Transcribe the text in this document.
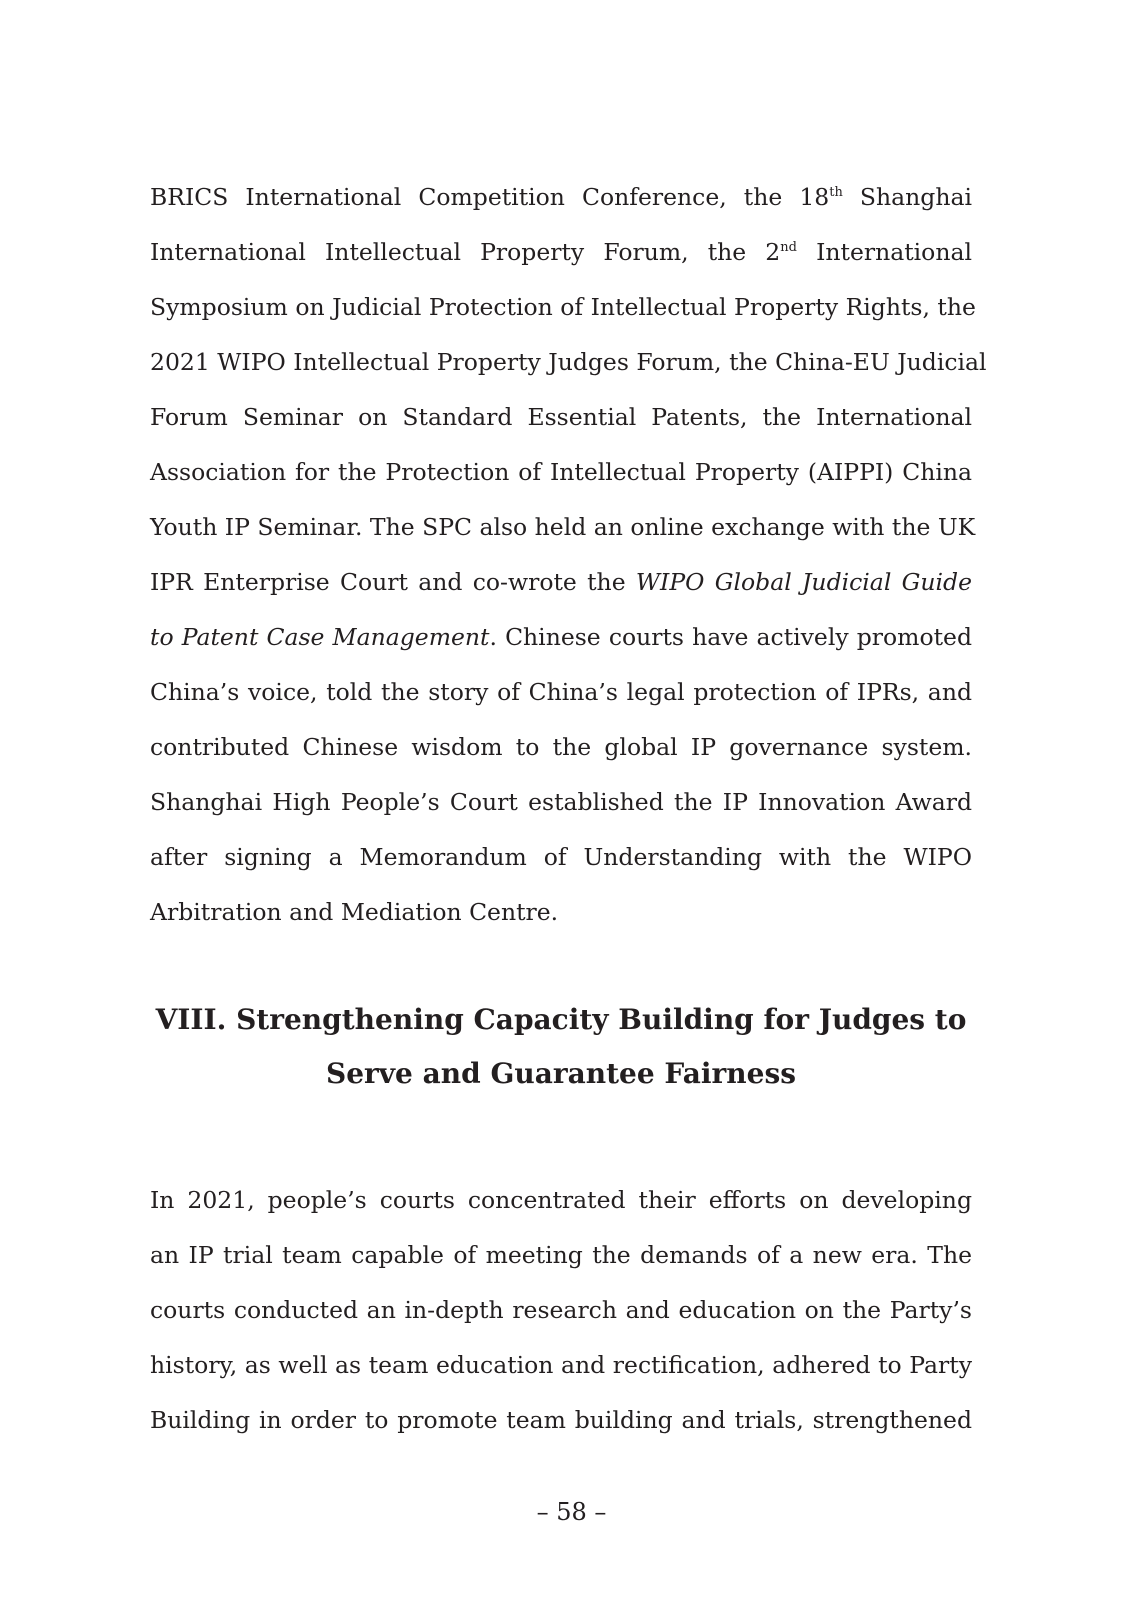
BRICS International Competition Conference, the 18th Shanghai
International Intellectual Property Forum, the 2nd International
Symposium on Judicial Protection of Intellectual Property Rights, the
2021 WIPO Intellectual Property Judges Forum, the China-EU Judicial
Forum Seminar on Standard Essential Patents, the International
Association for the Protection of Intellectual Property (AIPPI) China
Youth IP Seminar. The SPC also held an online exchange with the UK
IPR Enterprise Court and co-wrote the WIPO Global Judicial Guide
to Patent Case Management. Chinese courts have actively promoted
China’s voice, told the story of China’s legal protection of IPRs, and
contributed Chinese wisdom to the global IP governance system.
Shanghai High People’s Court established the IP Innovation Award
after signing a Memorandum of Understanding with the WIPO
Arbitration and Mediation Centre.
VIII. Strengthening Capacity Building for Judges to
Serve and Guarantee Fairness
In 2021, people’s courts concentrated their efforts on developing
an IP trial team capable of meeting the demands of a new era. The
courts conducted an in-depth research and education on the Party’s
history, as well as team education and rectification, adhered to Party
Building in order to promote team building and trials, strengthened
– 58 –
